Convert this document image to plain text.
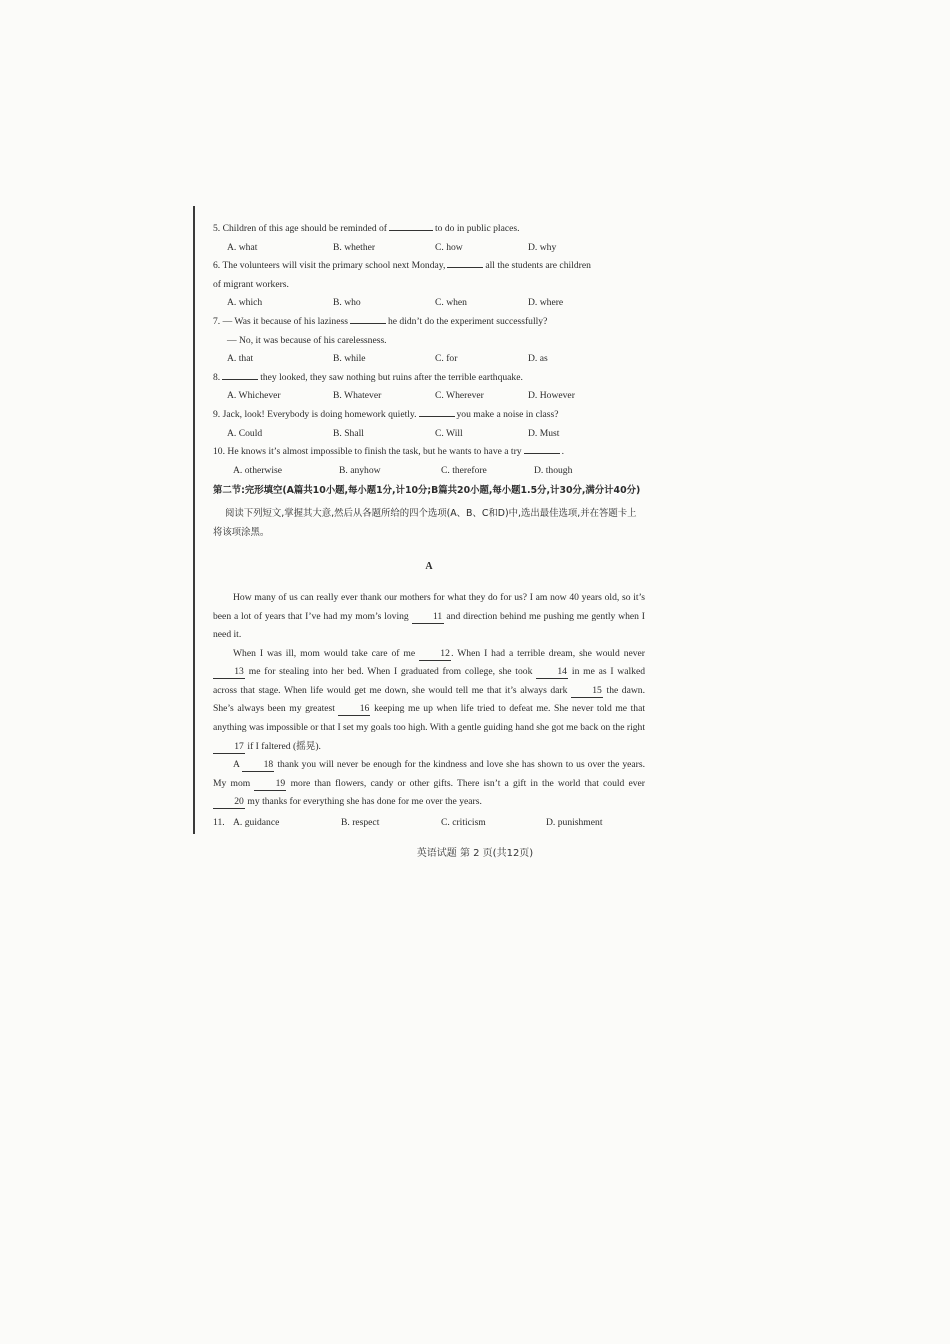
5. Children of this age should be reminded of	to do in public places.
A. what	B. whether	C. how	D. why
6. The volunteers will visit the primary school next Monday,	all the students are children
of migrant workers.
A. which	B. who	C. when	D. where
7. — Was it because of his laziness	he didn’t do the experiment successfully?
— No, it was because of his carelessness.
A. that	B. while	C. for	D. as
8.	they looked, they saw nothing but ruins after the terrible earthquake.
A. Whichever	B. Whatever	C. Wherever	D. However
9. Jack, look! Everybody is doing homework quietly.	you make a noise in class?
A. Could	B. Shall	C. Will	D. Must
10. He knows it’s almost impossible to finish the task, but he wants to have a try	.
A. otherwise	B. anyhow	C. therefore	D. though
第二节:完形填空(A篇共10小题,每小题1分,计10分;B篇共20小题,每小题1.5分,计30分,满分计40分)
阅读下列短文,掌握其大意,然后从各题所给的四个选项(A、B、C和D)中,选出最佳选项,并在答题卡上将该项涂黑。
A
How many of us can really ever thank our mothers for what they do for us? I am now 40 years old, so it’s been a lot of years that I’ve had my mom’s loving	11 and direction behind me pushing me gently when I need it.
When I was ill, mom would take care of me	12. When I had a terrible dream, she would never 13 me for stealing into her bed. When I graduated from college, she took	14 in me as I walked across that stage. When life would get me down, she would tell me that it’s always dark	15 the dawn. She’s always been my greatest	16 keeping me up when life tried to defeat me. She never told me that anything was impossible or that I set my goals too high. With a gentle guiding hand she got me back on the right 17 if I faltered (摇晃).
A	18 thank you will never be enough for the kindness and love she has shown to us over the years. My mom	19 more than flowers, candy or other gifts. There isn’t a gift in the world that could ever 20 my thanks for everything she has done for me over the years.
11. A. guidance	B. respect	C. criticism	D. punishment
英语试题 第 2 页(共12页)
